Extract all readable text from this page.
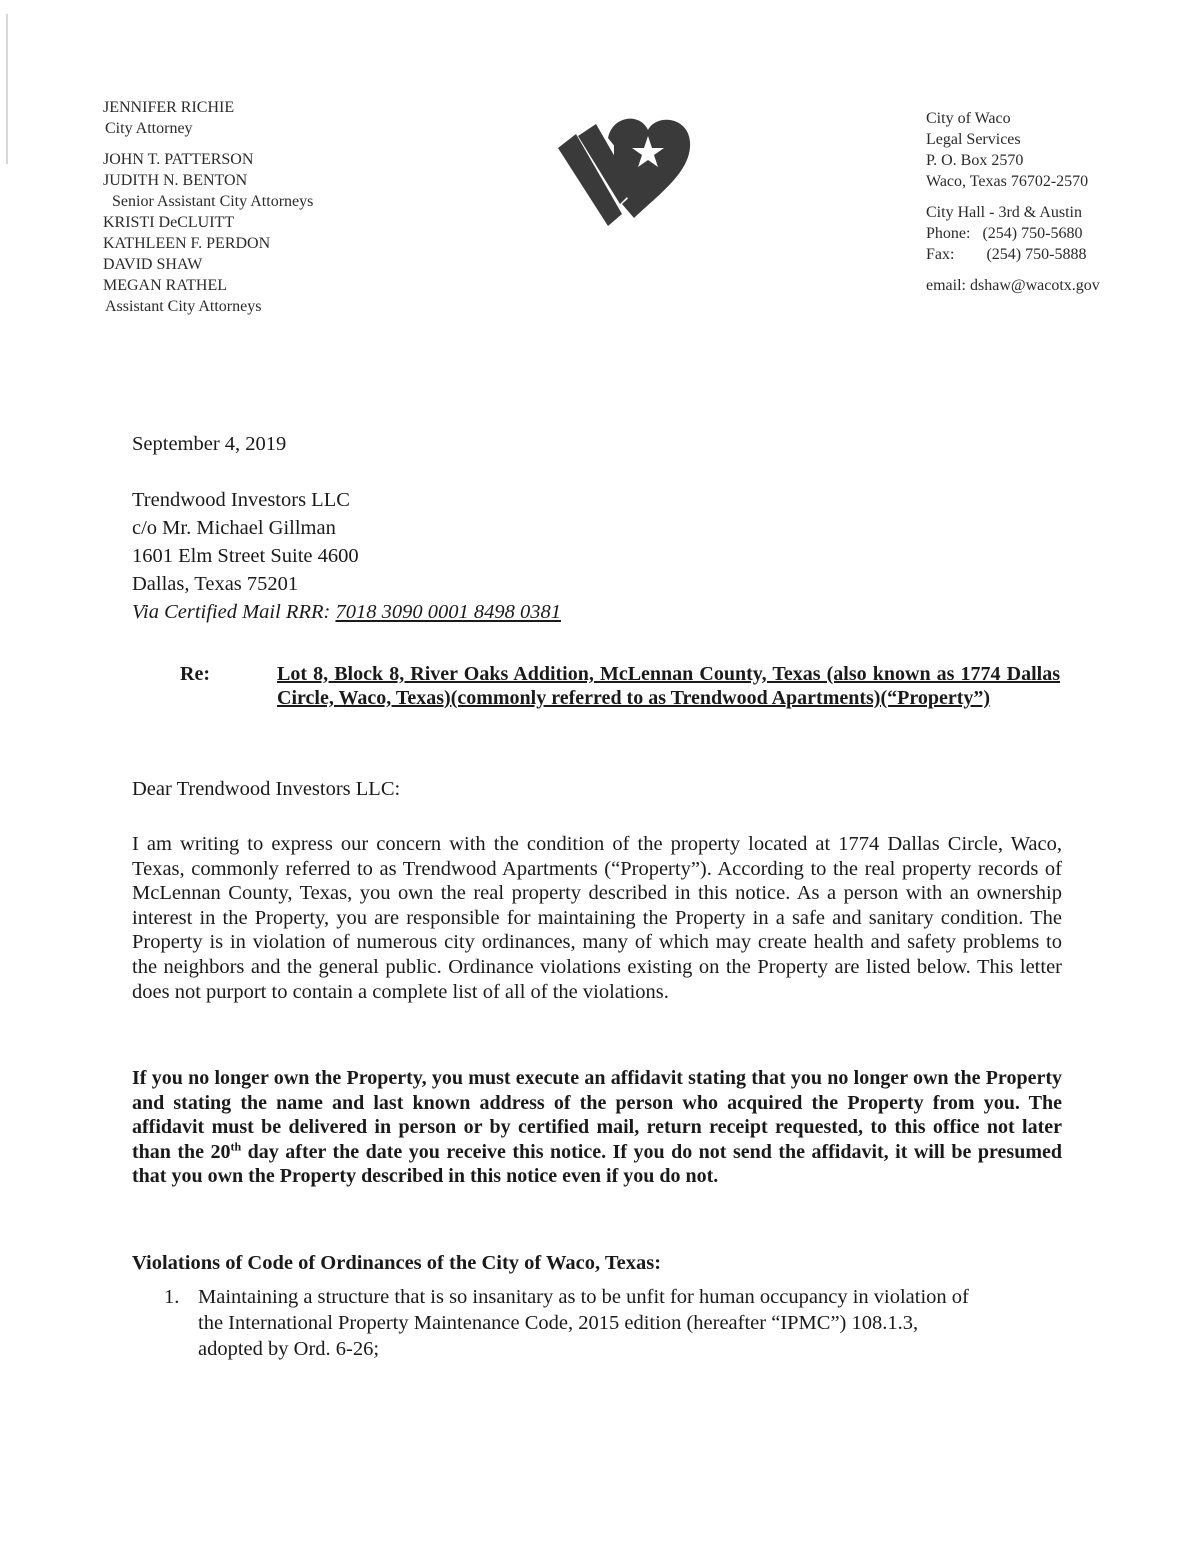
JENNIFER RICHIE
City Attorney
JOHN T. PATTERSON
JUDITH N. BENTON
Senior Assistant City Attorneys
KRISTI DeCLUITT
KATHLEEN F. PERDON
DAVID SHAW
MEGAN RATHEL
Assistant City Attorneys
City of Waco
Legal Services
P. O. Box 2570
Waco, Texas 76702-2570
City Hall - 3rd & Austin
Phone: (254) 750-5680
Fax: (254) 750-5888
email: dshaw@wacotx.gov
September 4, 2019
Trendwood Investors LLC
c/o Mr. Michael Gillman
1601 Elm Street Suite 4600
Dallas, Texas 75201
Via Certified Mail RRR: 7018 3090 0001 8498 0381
Re:	Lot 8, Block 8, River Oaks Addition, McLennan County, Texas (also known as 1774 Dallas Circle, Waco, Texas)(commonly referred to as Trendwood Apartments)(“Property”)
Dear Trendwood Investors LLC:
I am writing to express our concern with the condition of the property located at 1774 Dallas Circle, Waco, Texas, commonly referred to as Trendwood Apartments (“Property”). According to the real property records of McLennan County, Texas, you own the real property described in this notice. As a person with an ownership interest in the Property, you are responsible for maintaining the Property in a safe and sanitary condition. The Property is in violation of numerous city ordinances, many of which may create health and safety problems to the neighbors and the general public. Ordinance violations existing on the Property are listed below. This letter does not purport to contain a complete list of all of the violations.
If you no longer own the Property, you must execute an affidavit stating that you no longer own the Property and stating the name and last known address of the person who acquired the Property from you. The affidavit must be delivered in person or by certified mail, return receipt requested, to this office not later than the 20th day after the date you receive this notice. If you do not send the affidavit, it will be presumed that you own the Property described in this notice even if you do not.
Violations of Code of Ordinances of the City of Waco, Texas:
1. Maintaining a structure that is so insanitary as to be unfit for human occupancy in violation of the International Property Maintenance Code, 2015 edition (hereafter “IPMC”) 108.1.3, adopted by Ord. 6-26;
